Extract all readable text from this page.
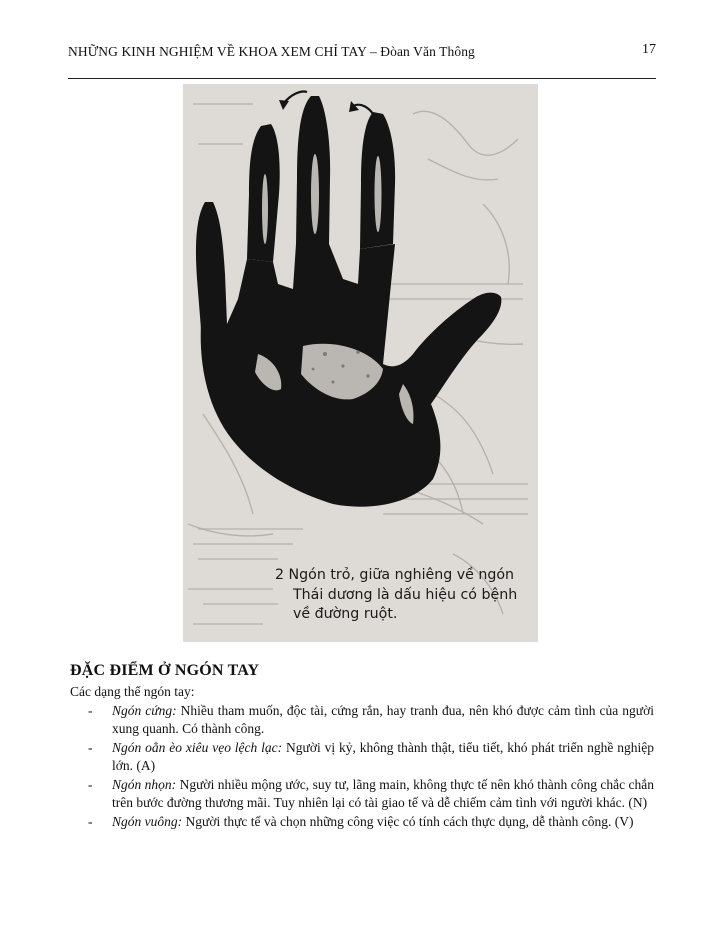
NHỮNG KINH NGHIỆM VỀ KHOA XEM CHỈ TAY – Đòan Văn Thông	17
2 Ngón trỏ, giữa nghiêng về ngón
Thái dương là dấu hiệu có bệnh
về đường ruột.
ĐẶC ĐIỂM Ở NGÓN TAY

Các dạng thể ngón tay:

- Ngón cứng: Nhiều tham muốn, độc tài, cứng rắn, hay tranh đua, nên khó được cảm tình của người xung quanh. Có thành công.
- Ngón oằn èo xiêu vẹo lệch lạc: Người vị kỷ, không thành thật, tiểu tiết, khó phát triển nghề nghiệp lớn. (A)
- Ngón nhọn: Người nhiều mộng ước, suy tư, lãng main, không thực tế nên khó thành công chắc chắn trên bước đường thương mãi. Tuy nhiên lại có tài giao tế và dễ chiếm cảm tình với người khác. (N)
- Ngón vuông: Người thực tế và chọn những công việc có tính cách thực dụng, dễ thành công. (V)
